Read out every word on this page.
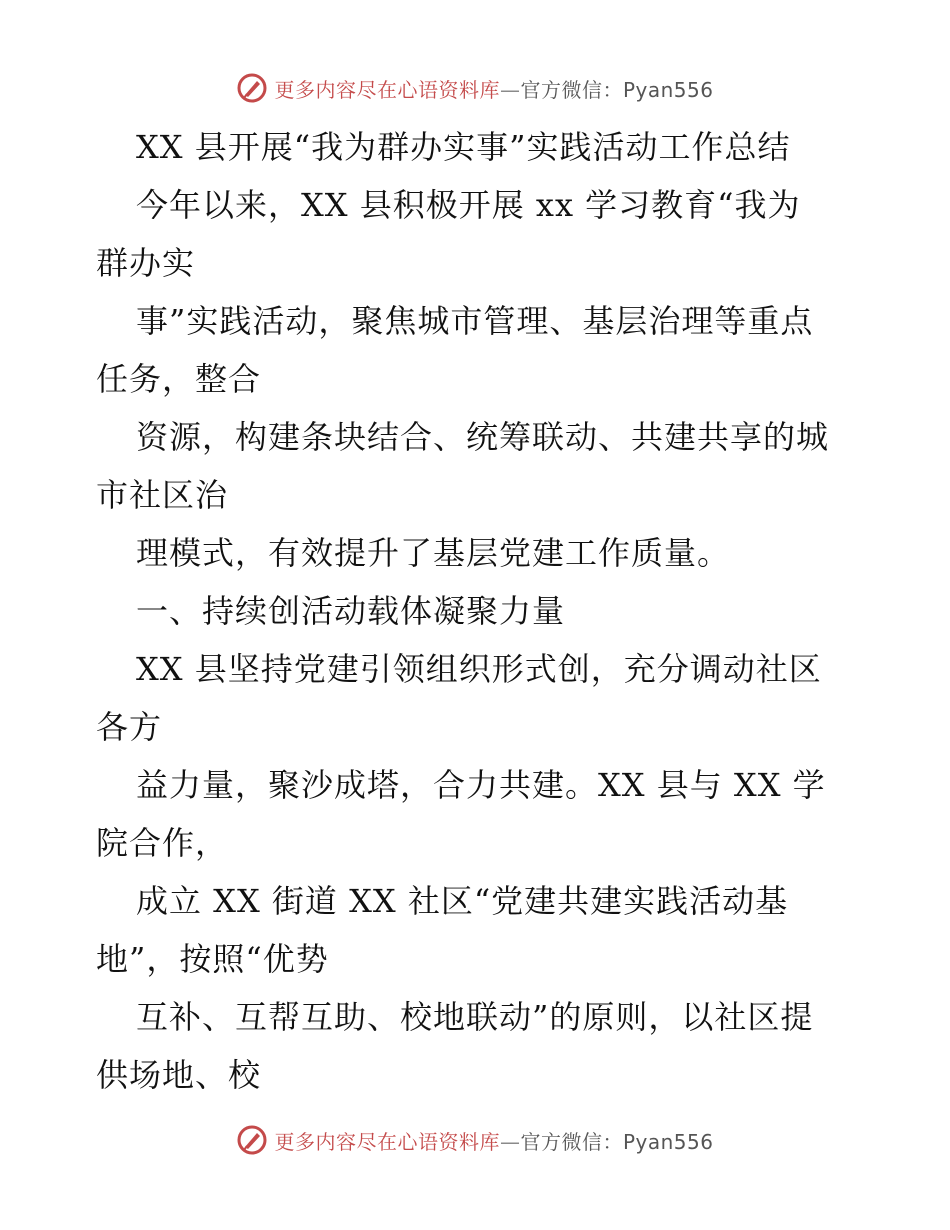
更多内容尽在心语资料库—官方微信：Pyan556
XX 县开展“我为群办实事”实践活动工作总结
今年以来，XX 县积极开展 xx 学习教育“我为
群办实
事”实践活动，聚焦城市管理、基层治理等重点
任务，整合
资源，构建条块结合、统筹联动、共建共享的城
市社区治
理模式，有效提升了基层党建工作质量。
一、持续创活动载体凝聚力量
XX 县坚持党建引领组织形式创，充分调动社区
各方
益力量，聚沙成塔，合力共建。XX 县与 XX 学
院合作，
成立 XX 街道 XX 社区“党建共建实践活动基
地”，按照“优势
互补、互帮互助、校地联动”的原则，以社区提
供场地、校
更多内容尽在心语资料库—官方微信：Pyan556
